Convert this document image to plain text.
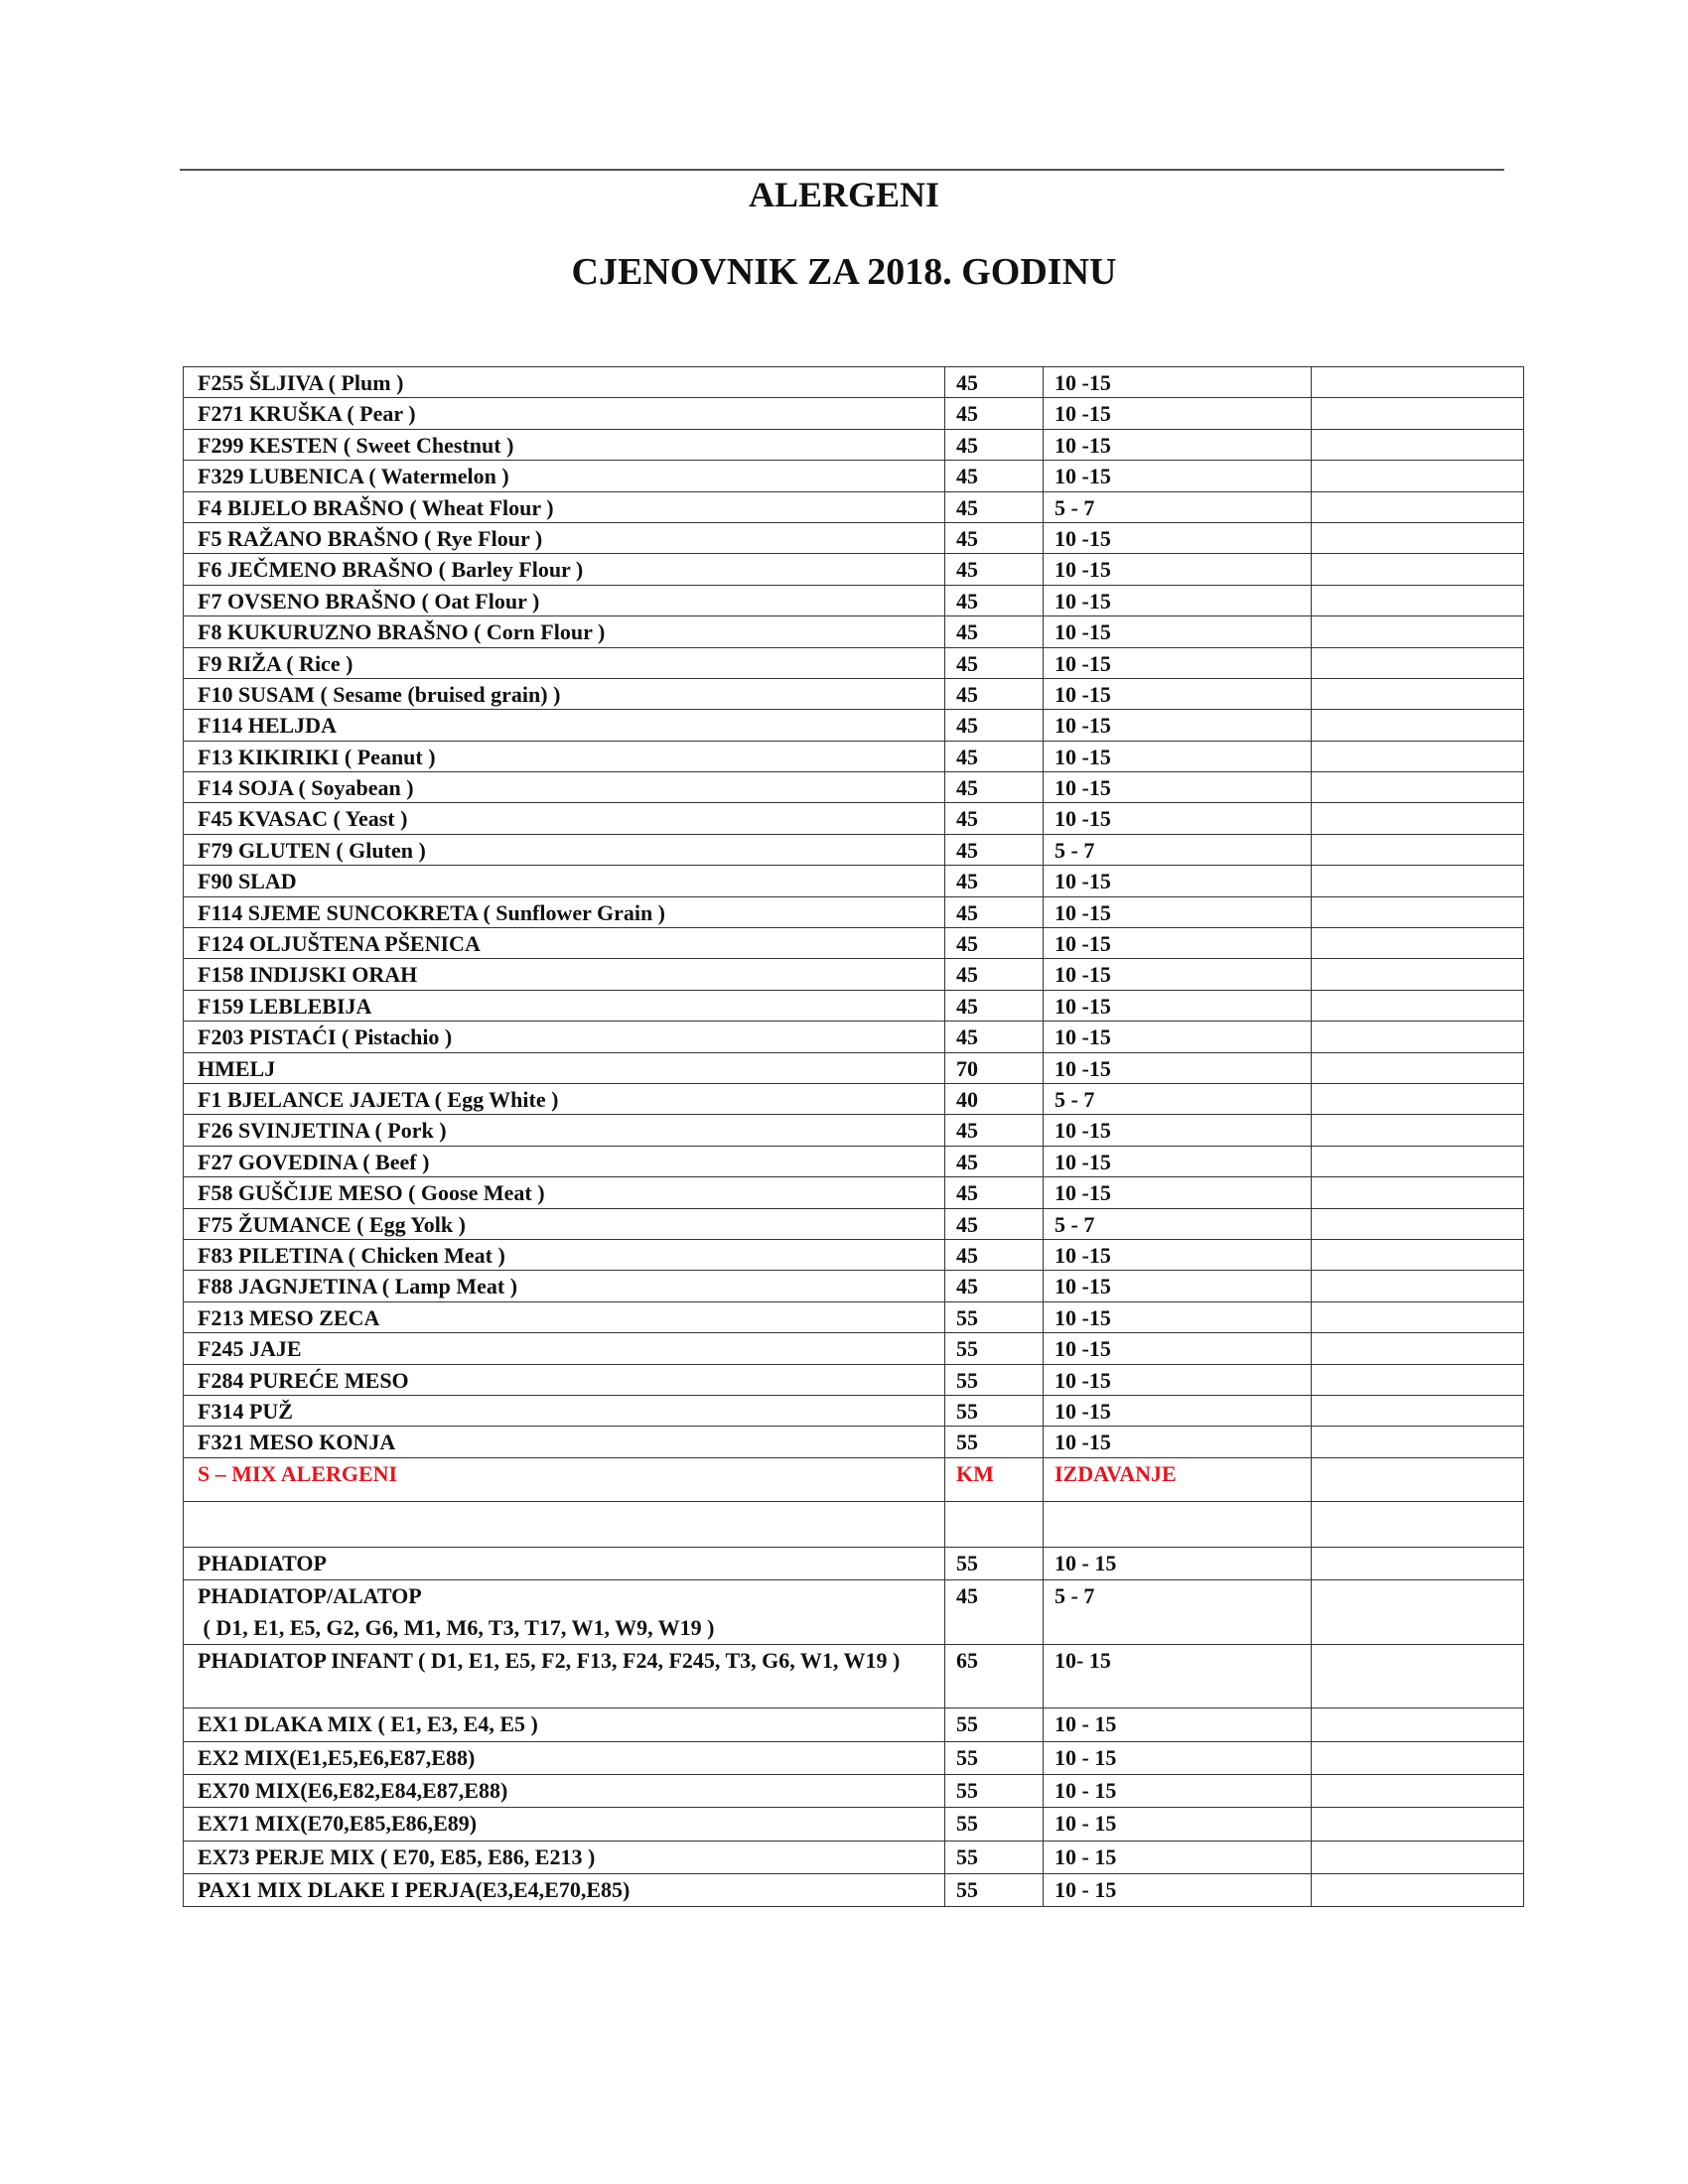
ALERGENI
CJENOVNIK ZA 2018. GODINU
F255 ŠLJIVA ( Plum )	45	10 -15	
F271 KRUŠKA ( Pear )	45	10 -15	
F299 KESTEN ( Sweet Chestnut )	45	10 -15	
F329 LUBENICA ( Watermelon )	45	10 -15	
F4 BIJELO BRAŠNO ( Wheat Flour )	45	5 - 7	
F5 RAŽANO BRAŠNO ( Rye Flour )	45	10 -15	
F6 JEČMENO BRAŠNO ( Barley Flour )	45	10 -15	
F7 OVSENO BRAŠNO ( Oat Flour )	45	10 -15	
F8 KUKURUZNO BRAŠNO ( Corn Flour )	45	10 -15	
F9 RIŽA ( Rice )	45	10 -15	
F10 SUSAM ( Sesame (bruised grain) )	45	10 -15	
F114 HELJDA	45	10 -15	
F13 KIKIRIKI ( Peanut )	45	10 -15	
F14 SOJA ( Soyabean )	45	10 -15	
F45 KVASAC ( Yeast )	45	10 -15	
F79 GLUTEN ( Gluten )	45	5 - 7	
F90 SLAD	45	10 -15	
F114 SJEME SUNCOKRETA ( Sunflower Grain )	45	10 -15	
F124 OLJUŠTENA PŠENICA	45	10 -15	
F158 INDIJSKI ORAH	45	10 -15	
F159 LEBLEBIJA	45	10 -15	
F203 PISTAĆI ( Pistachio )	45	10 -15	
HMELJ	70	10 -15	
F1 BJELANCE JAJETA ( Egg White )	40	5 - 7	
F26 SVINJETINA ( Pork )	45	10 -15	
F27 GOVEDINA ( Beef )	45	10 -15	
F58 GUŠČIJE MESO ( Goose Meat )	45	10 -15	
F75 ŽUMANCE ( Egg Yolk )	45	5 - 7	
F83 PILETINA ( Chicken Meat )	45	10 -15	
F88 JAGNJETINA ( Lamp Meat )	45	10 -15	
F213 MESO ZECA	55	10 -15	
F245 JAJE	55	10 -15	
F284 PUREĆE MESO	55	10 -15	
F314 PUŽ	55	10 -15	
F321 MESO KONJA	55	10 -15	
S – MIX ALERGENI	KM	IZDAVANJE	

PHADIATOP	55	10 - 15	
PHADIATOP/ALATOP
( D1, E1, E5, G2, G6, M1, M6, T3, T17, W1, W9, W19 )	45	5 - 7	
PHADIATOP INFANT ( D1, E1, E5, F2, F13, F24, F245, T3, G6, W1, W19 )	65	10- 15	
EX1 DLAKA MIX ( E1, E3, E4, E5 )	55	10 - 15	
EX2 MIX(E1,E5,E6,E87,E88)	55	10 - 15	
EX70 MIX(E6,E82,E84,E87,E88)	55	10 - 15	
EX71 MIX(E70,E85,E86,E89)	55	10 - 15	
EX73 PERJE MIX ( E70, E85, E86, E213 )	55	10 - 15	
PAX1 MIX DLAKE I PERJA(E3,E4,E70,E85)	55	10 - 15	
